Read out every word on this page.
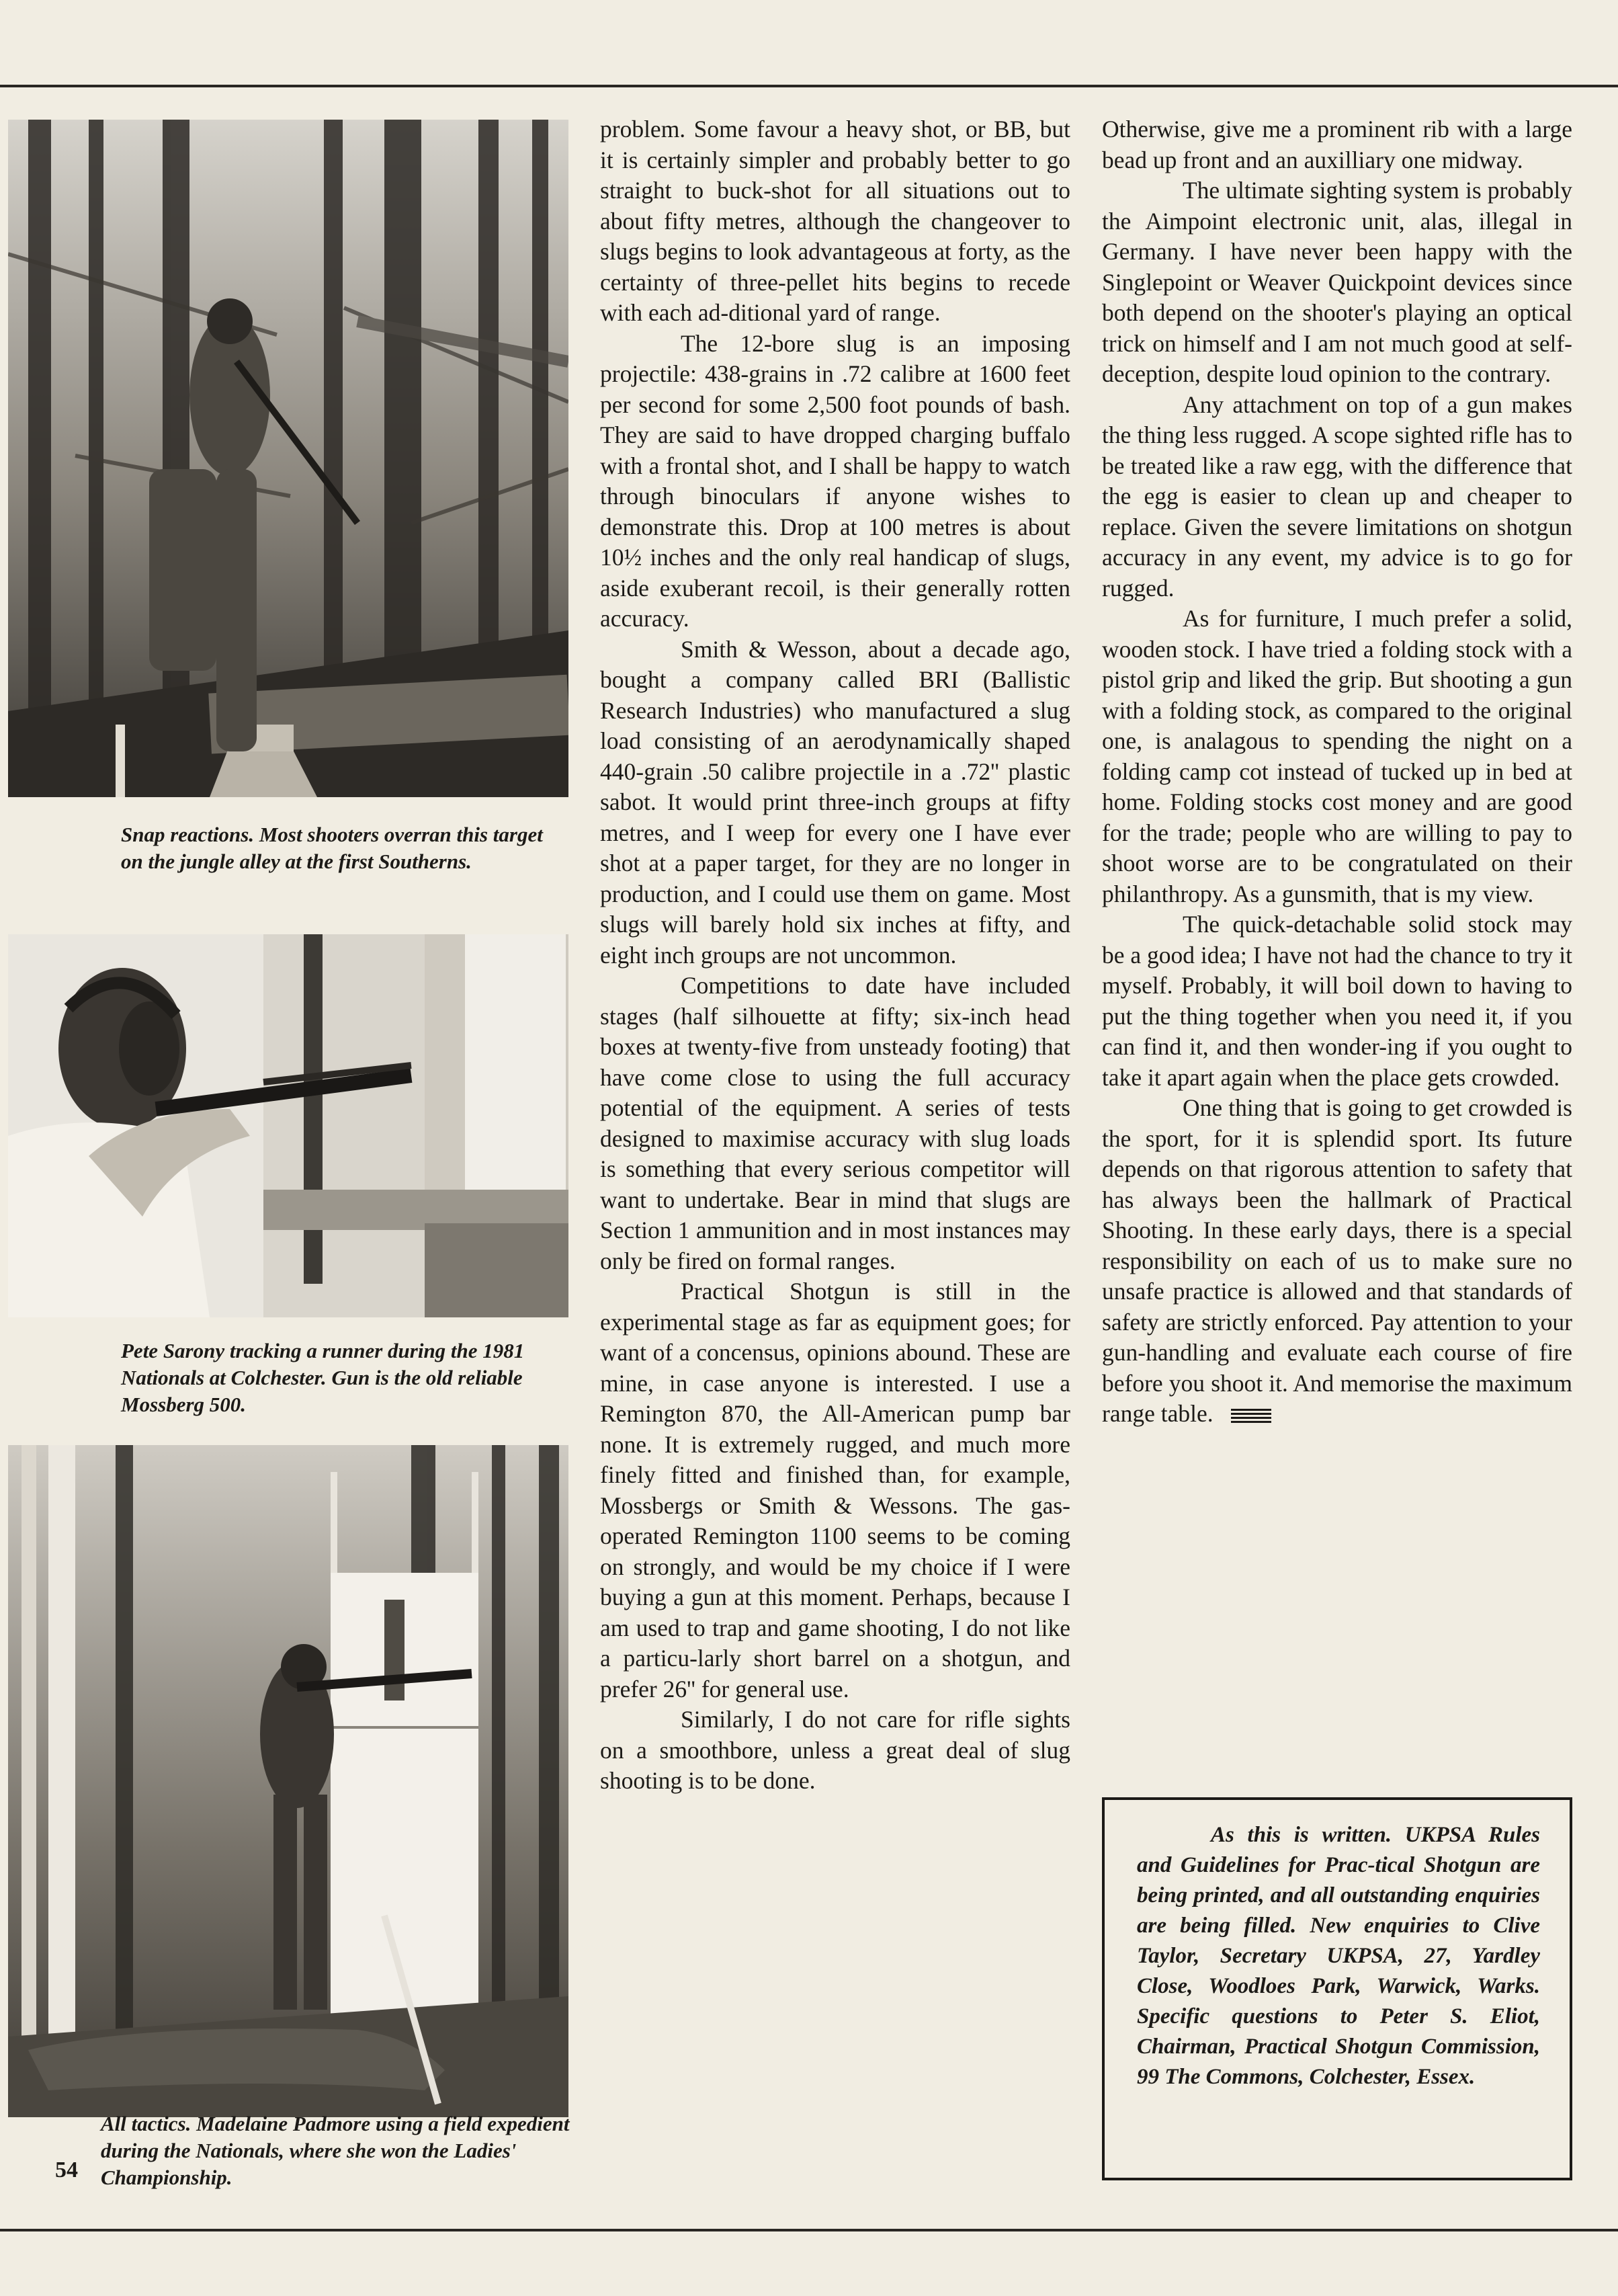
Snap reactions. Most shooters overran this target on the jungle alley at the first Southerns.
Pete Sarony tracking a runner during the 1981 Nationals at Colchester. Gun is the old reliable Mossberg 500.
All tactics. Madelaine Padmore using a field expedient during the Nationals, where she won the Ladies' Championship.
54

problem. Some favour a heavy shot, or BB, but it is certainly simpler and probably better to go straight to buck-shot for all situations out to about fifty metres, although the changeover to slugs begins to look advantageous at forty, as the certainty of three-pellet hits begins to recede with each ad-ditional yard of range.

The 12-bore slug is an imposing projectile: 438-grains in .72 calibre at 1600 feet per second for some 2,500 foot pounds of bash. They are said to have dropped charging buffalo with a frontal shot, and I shall be happy to watch through binoculars if anyone wishes to demonstrate this. Drop at 100 metres is about 10½ inches and the only real handicap of slugs, aside exuberant recoil, is their generally rotten accuracy.

Smith & Wesson, about a decade ago, bought a company called BRI (Ballistic Research Industries) who manufactured a slug load consisting of an aerodynamically shaped 440-grain .50 calibre projectile in a .72'' plastic sabot. It would print three-inch groups at fifty metres, and I weep for every one I have ever shot at a paper target, for they are no longer in production, and I could use them on game. Most slugs will barely hold six inches at fifty, and eight inch groups are not uncommon.

Competitions to date have included stages (half silhouette at fifty; six-inch head boxes at twenty-five from unsteady footing) that have come close to using the full accuracy potential of the equipment. A series of tests designed to maximise accuracy with slug loads is something that every serious competitor will want to undertake. Bear in mind that slugs are Section 1 ammunition and in most instances may only be fired on formal ranges.

Practical Shotgun is still in the experimental stage as far as equipment goes; for want of a concensus, opinions abound. These are mine, in case anyone is interested. I use a Remington 870, the All-American pump bar none. It is extremely rugged, and much more finely fitted and finished than, for example, Mossbergs or Smith & Wessons. The gas-operated Remington 1100 seems to be coming on strongly, and would be my choice if I were buying a gun at this moment. Perhaps, because I am used to trap and game shooting, I do not like a particu-larly short barrel on a shotgun, and prefer 26'' for general use.

Similarly, I do not care for rifle sights on a smoothbore, unless a great deal of slug shooting is to be done.

Otherwise, give me a prominent rib with a large bead up front and an auxilliary one midway.

The ultimate sighting system is probably the Aimpoint electronic unit, alas, illegal in Germany. I have never been happy with the Singlepoint or Weaver Quickpoint devices since both depend on the shooter's playing an optical trick on himself and I am not much good at self-deception, despite loud opinion to the contrary.

Any attachment on top of a gun makes the thing less rugged. A scope sighted rifle has to be treated like a raw egg, with the difference that the egg is easier to clean up and cheaper to replace. Given the severe limitations on shotgun accuracy in any event, my advice is to go for rugged.

As for furniture, I much prefer a solid, wooden stock. I have tried a folding stock with a pistol grip and liked the grip. But shooting a gun with a folding stock, as compared to the original one, is analagous to spending the night on a folding camp cot instead of tucked up in bed at home. Folding stocks cost money and are good for the trade; people who are willing to pay to shoot worse are to be congratulated on their philanthropy. As a gunsmith, that is my view.

The quick-detachable solid stock may be a good idea; I have not had the chance to try it myself. Probably, it will boil down to having to put the thing together when you need it, if you can find it, and then wonder-ing if you ought to take it apart again when the place gets crowded.

One thing that is going to get crowded is the sport, for it is splendid sport. Its future depends on that rigorous attention to safety that has always been the hallmark of Practical Shooting. In these early days, there is a special responsibility on each of us to make sure no unsafe practice is allowed and that standards of safety are strictly enforced. Pay attention to your gun-handling and evaluate each course of fire before you shoot it. And memorise the maximum range table.

As this is written. UKPSA Rules and Guidelines for Prac-tical Shotgun are being printed, and all outstanding enquiries are being filled. New enquiries to Clive Taylor, Secretary UKPSA, 27, Yardley Close, Woodloes Park, Warwick, Warks. Specific questions to Peter S. Eliot, Chairman, Practical Shotgun Commission, 99 The Commons, Colchester, Essex.
